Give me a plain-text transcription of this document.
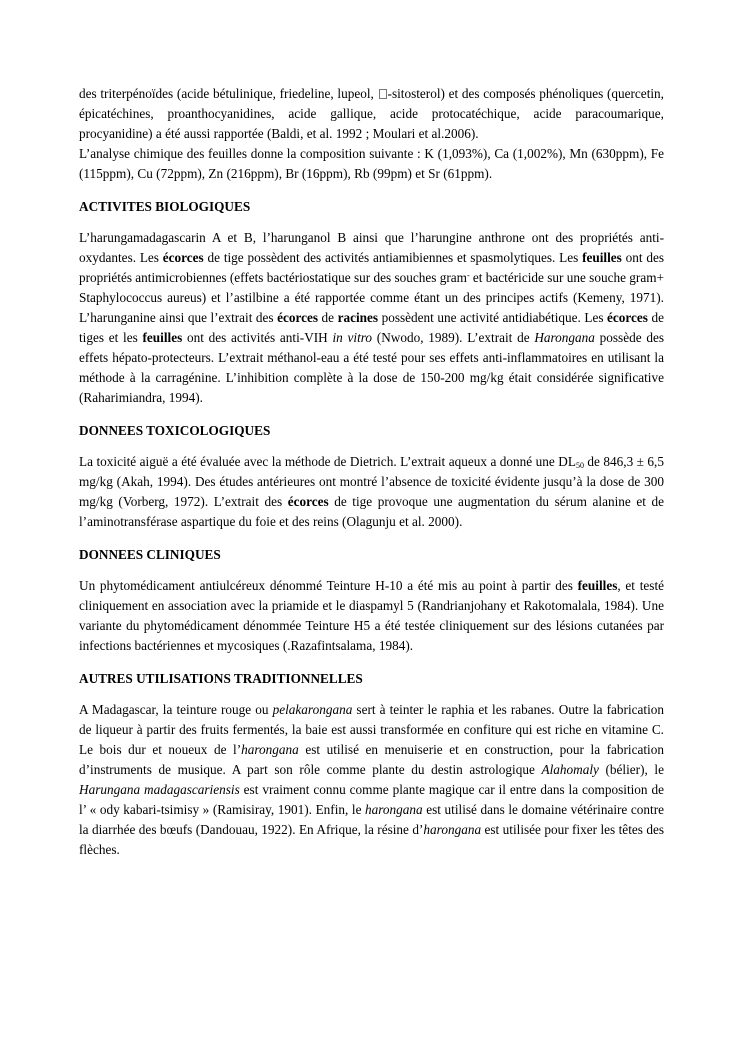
des triterpénoïdes (acide bétulinique, friedeline, lupeol, -sitosterol) et des composés phénoliques (quercetin, épicatéchines, proanthocyanidines, acide gallique, acide protocatéchique, acide paracoumarique, procyanidine) a été aussi rapportée (Baldi, et al. 1992 ; Moulari et al.2006).

L’analyse chimique des feuilles donne la composition suivante : K (1,093%), Ca (1,002%), Mn (630ppm), Fe (115ppm), Cu (72ppm), Zn (216ppm), Br (16ppm), Rb (99pm) et Sr (61ppm).

ACTIVITES BIOLOGIQUES

L’harungamadagascarin A et B, l’harunganol B ainsi que l’harungine anthrone ont des propriétés anti-oxydantes. Les écorces de tige possèdent des activités antiamibiennes et spasmolytiques. Les feuilles ont des propriétés antimicrobiennes (effets bactériostatique sur des souches gram- et bactéricide sur une souche gram+ Staphylococcus aureus) et l’astilbine a été rapportée comme étant un des principes actifs (Kemeny, 1971). L’harunganine ainsi que l’extrait des écorces de racines possèdent une activité antidiabétique. Les écorces de tiges et les feuilles ont des activités anti-VIH in vitro (Nwodo, 1989). L’extrait de Harongana possède des effets hépato-protecteurs. L’extrait méthanol-eau a été testé pour ses effets anti-inflammatoires en utilisant la méthode à la carragénine. L’inhibition complète à la dose de 150-200 mg/kg était considérée significative (Raharimiandra, 1994).

DONNEES TOXICOLOGIQUES

La toxicité aiguë a été évaluée avec la méthode de Dietrich. L’extrait aqueux a donné une $DL_{50}$ de 846,3 ± 6,5 mg/kg (Akah, 1994). Des études antérieures ont montré l’absence de toxicité évidente jusqu’à la dose de 300 mg/kg (Vorberg, 1972). L’extrait des écorces de tige provoque une augmentation du sérum alanine et de l’aminotransférase aspartique du foie et des reins (Olagunju et al. 2000).

DONNEES CLINIQUES

Un phytomédicament antiulcéreux dénommé Teinture H-10 a été mis au point à partir des feuilles, et testé cliniquement en association avec la priamide et le diaspamyl 5 (Randrianjohany et Rakotomalala, 1984). Une variante du phytomédicament dénommée Teinture H5 a été testée cliniquement sur des lésions cutanées par infections bactériennes et mycosiques (.Razafintsalama, 1984).

AUTRES UTILISATIONS TRADITIONNELLES

A Madagascar, la teinture rouge ou pelakarongana sert à teinter le raphia et les rabanes. Outre la fabrication de liqueur à partir des fruits fermentés, la baie est aussi transformée en confiture qui est riche en vitamine C. Le bois dur et noueux de l’harongana est utilisé en menuiserie et en construction, pour la fabrication d’instruments de musique. A part son rôle comme plante du destin astrologique Alahomaly (bélier), le Harungana madagascariensis est vraiment connu comme plante magique car il entre dans la composition de l’ « ody kabari-tsimisy » (Ramisiray, 1901). Enfin, le harongana est utilisé dans le domaine vétérinaire contre la diarrhée des bœufs (Dandouau, 1922). En Afrique, la résine d’harongana est utilisée pour fixer les têtes des flèches.
